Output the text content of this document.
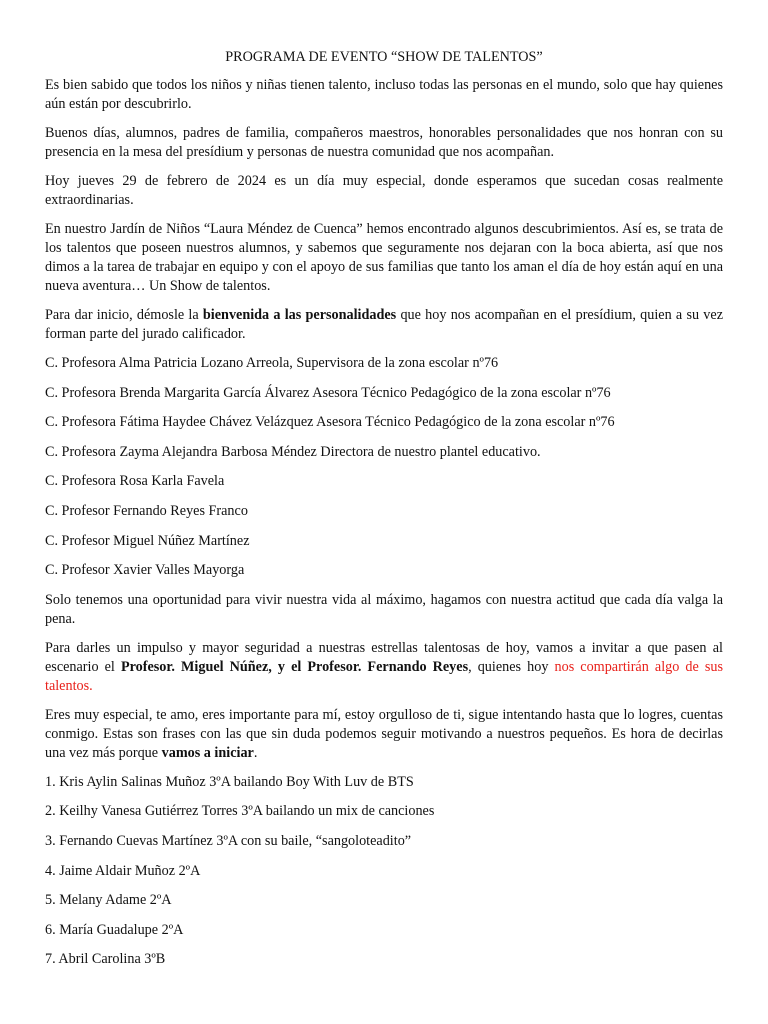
PROGRAMA DE EVENTO “SHOW DE TALENTOS”

Es bien sabido que todos los niños y niñas tienen talento, incluso todas las personas en el mundo, solo que hay quienes aún están por descubrirlo.

Buenos días, alumnos, padres de familia, compañeros maestros, honorables personalidades que nos honran con su presencia en la mesa del presídium y personas de nuestra comunidad que nos acompañan.

Hoy jueves 29 de febrero de 2024 es un día muy especial, donde esperamos que sucedan cosas realmente extraordinarias.

En nuestro Jardín de Niños “Laura Méndez de Cuenca” hemos encontrado algunos descubrimientos. Así es, se trata de los talentos que poseen nuestros alumnos, y sabemos que seguramente nos dejaran con la boca abierta, así que nos dimos a la tarea de trabajar en equipo y con el apoyo de sus familias que tanto los aman el día de hoy están aquí en una nueva aventura… Un Show de talentos.

Para dar inicio, démosle la bienvenida a las personalidades que hoy nos acompañan en el presídium, quien a su vez forman parte del jurado calificador.

C. Profesora Alma Patricia Lozano Arreola, Supervisora de la zona escolar nº76

C. Profesora Brenda Margarita García Álvarez Asesora Técnico Pedagógico de la zona escolar nº76

C. Profesora Fátima Haydee Chávez Velázquez Asesora Técnico Pedagógico de la zona escolar nº76

C. Profesora Zayma Alejandra Barbosa Méndez Directora de nuestro plantel educativo.

C. Profesora Rosa Karla Favela

C. Profesor Fernando Reyes Franco

C. Profesor Miguel Núñez Martínez

C. Profesor Xavier Valles Mayorga

Solo tenemos una oportunidad para vivir nuestra vida al máximo, hagamos con nuestra actitud que cada día valga la pena.

Para darles un impulso y mayor seguridad a nuestras estrellas talentosas de hoy, vamos a invitar a que pasen al escenario el Profesor. Miguel Núñez, y el Profesor. Fernando Reyes, quienes hoy nos compartirán algo de sus talentos.

Eres muy especial, te amo, eres importante para mí, estoy orgulloso de ti, sigue intentando hasta que lo logres, cuentas conmigo. Estas son frases con las que sin duda podemos seguir motivando a nuestros pequeños. Es hora de decirlas una vez más porque vamos a iniciar.

1. Kris Aylin Salinas Muñoz 3ºA bailando Boy With Luv de BTS

2. Keilhy Vanesa Gutiérrez Torres 3ºA bailando un mix de canciones

3. Fernando Cuevas Martínez 3ºA con su baile, “sangoloteadito”

4. Jaime Aldair Muñoz 2ºA

5. Melany Adame 2ºA

6. María Guadalupe 2ºA

7. Abril Carolina 3ºB
